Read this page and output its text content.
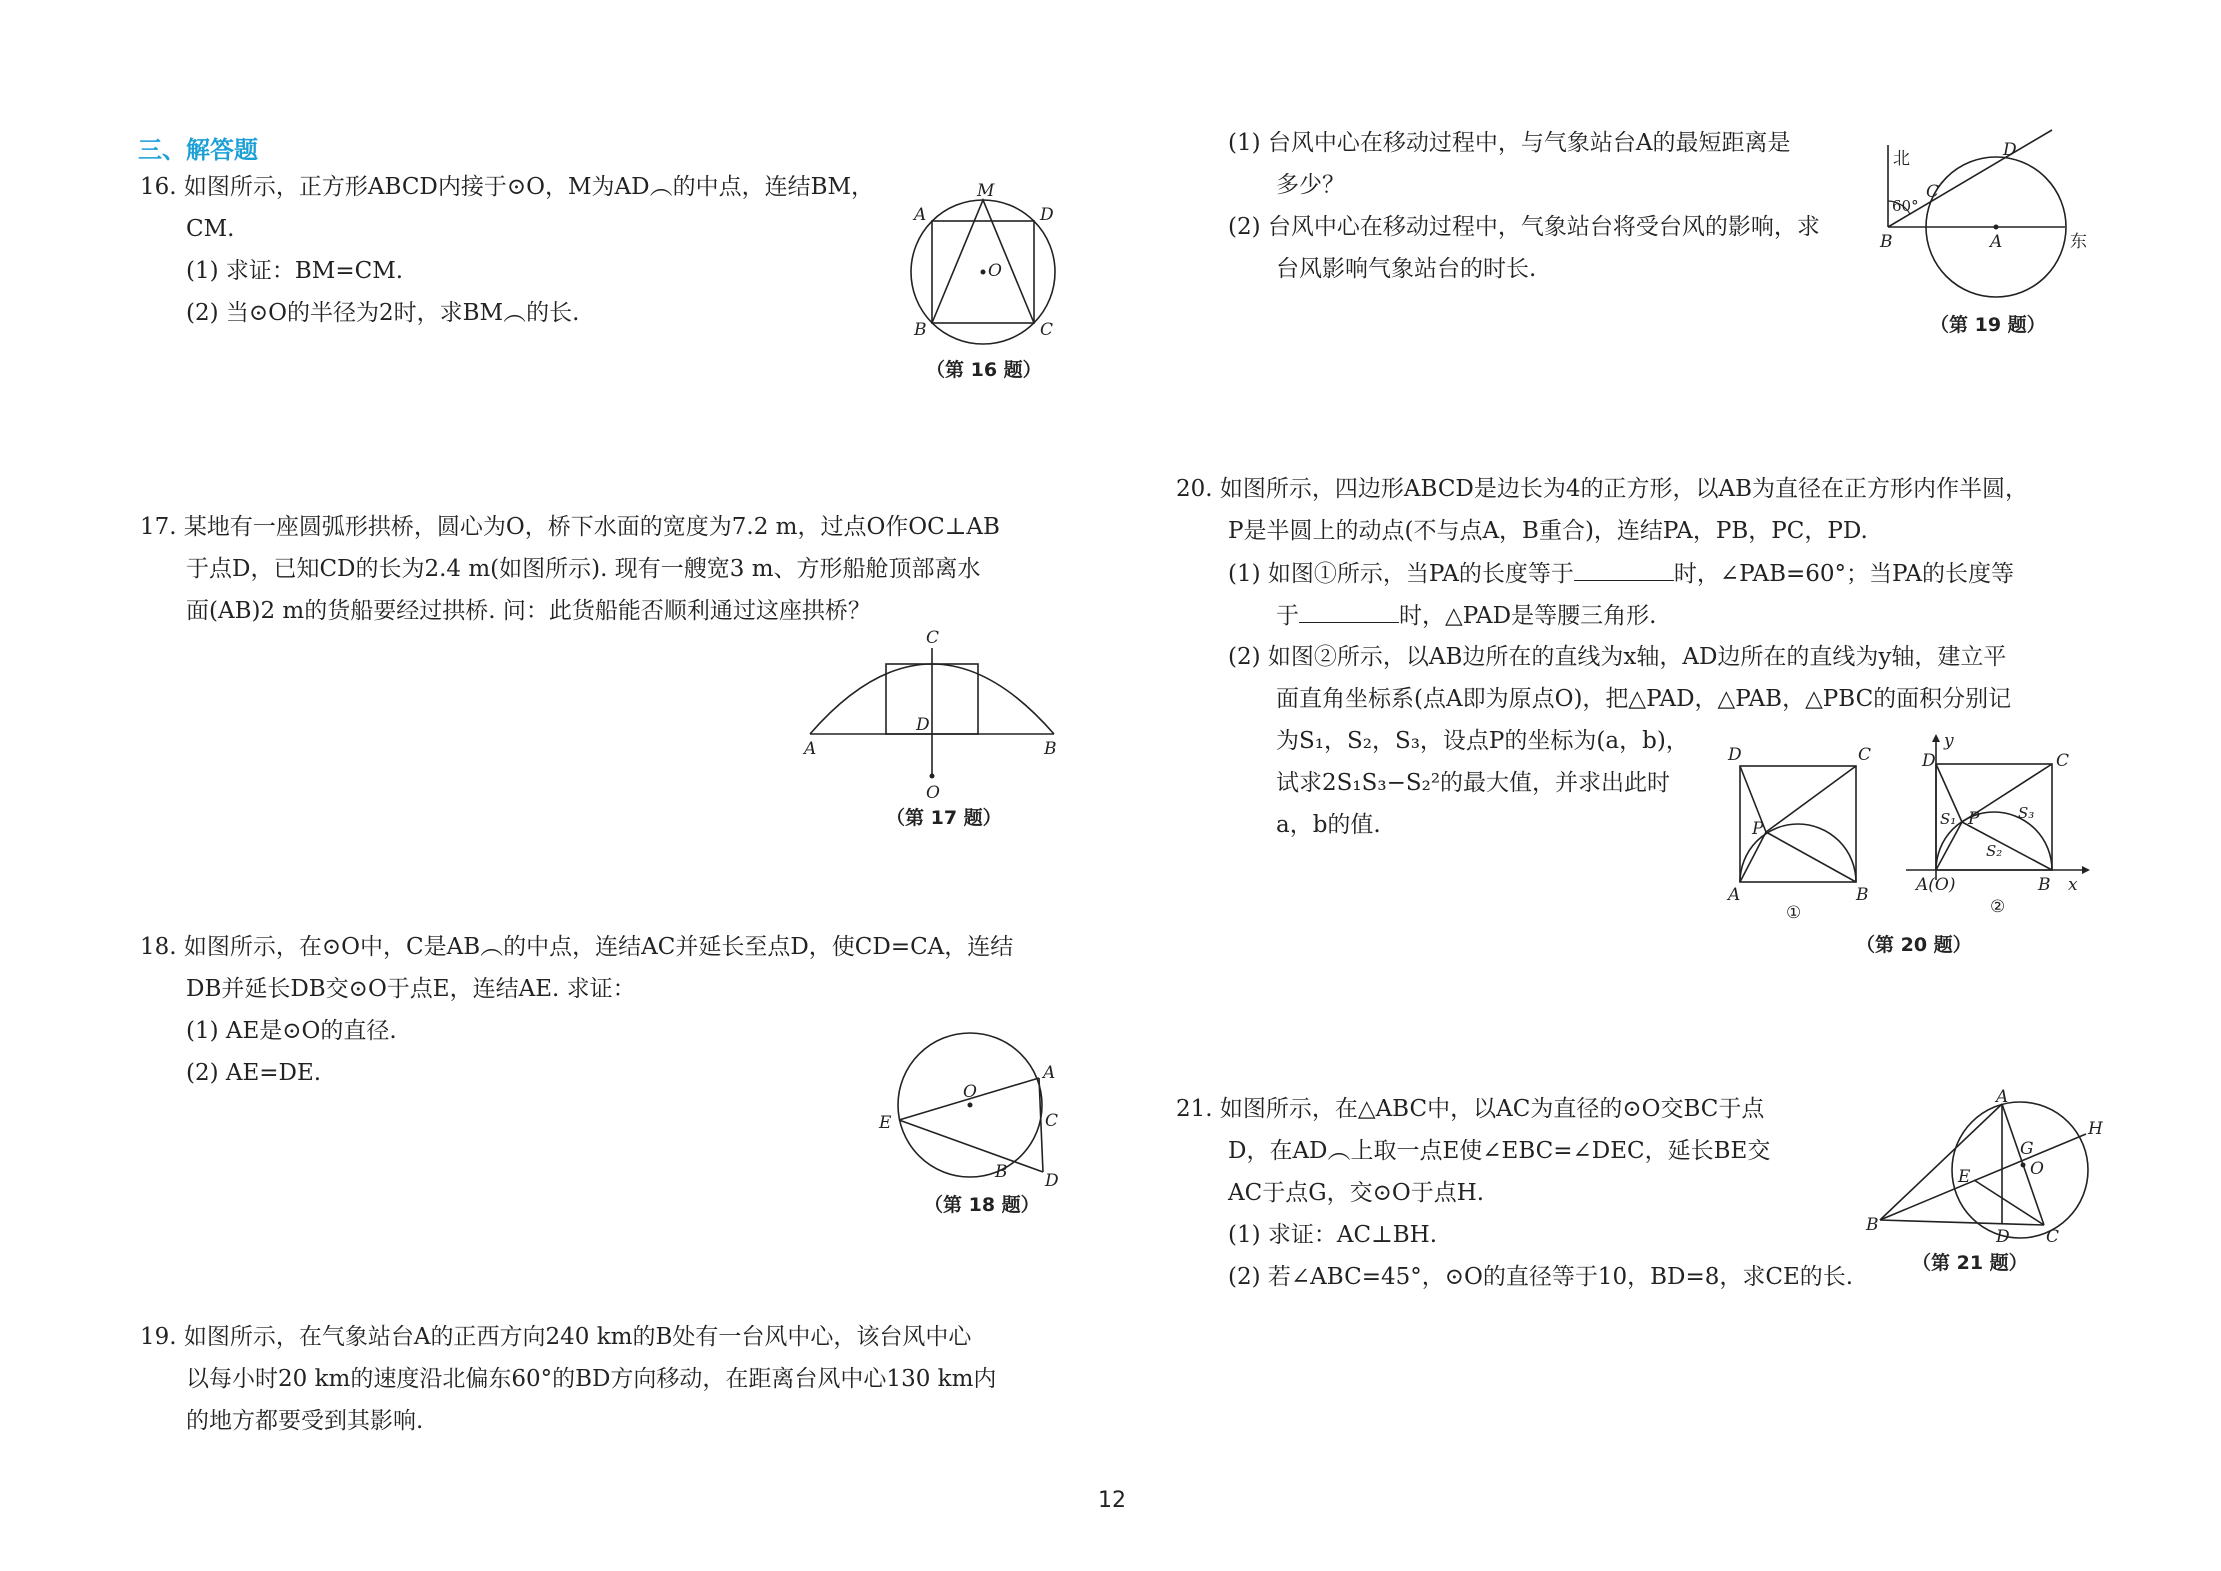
三、解答题
16. 如图所示，正方形ABCD内接于⊙O，M为AD︵的中点，连结BM，
CM.
(1) 求证：BM=CM.
(2) 当⊙O的半径为2时，求BM︵的长.
M
A	D
B	C
O
（第 16 题）
17. 某地有一座圆弧形拱桥，圆心为O，桥下水面的宽度为7.2 m，过点O作OC⊥AB
于点D，已知CD的长为2.4 m(如图所示). 现有一艘宽3 m、方形船舱顶部离水
面(AB)2 m的货船要经过拱桥. 问：此货船能否顺利通过这座拱桥？
C
D
A	B
O
（第 17 题）
18. 如图所示，在⊙O中，C是AB︵的中点，连结AC并延长至点D，使CD=CA，连结
DB并延长DB交⊙O于点E，连结AE. 求证：
(1) AE是⊙O的直径.
(2) AE=DE.
O
A
C
E
B D
（第 18 题）
19. 如图所示，在气象站台A的正西方向240 km的B处有一台风中心，该台风中心
以每小时20 km的速度沿北偏东60°的BD方向移动，在距离台风中心130 km内
的地方都要受到其影响.
(1) 台风中心在移动过程中，与气象站台A的最短距离是
多少？
(2) 台风中心在移动过程中，气象站台将受台风的影响，求
台风影响气象站台的时长.
北
60°
C
D
B	A	东
（第 19 题）
20. 如图所示，四边形ABCD是边长为4的正方形，以AB为直径在正方形内作半圆，
P是半圆上的动点(不与点A，B重合)，连结PA，PB，PC，PD.
(1) 如图①所示，当PA的长度等于	时，∠PAB=60°；当PA的长度等
于	时，△PAD是等腰三角形.
(2) 如图②所示，以AB边所在的直线为x轴，AD边所在的直线为y轴，建立平
面直角坐标系(点A即为原点O)，把△PAD，△PAB，△PBC的面积分别记
为S₁，S₂，S₃，设点P的坐标为(a，b)，
试求2S₁S₃−S₂²的最大值，并求出此时
a，b的值.
D	C
P
A	B
①
y
D	C
S₁ P	S₃
S₂
A(O)	B x
②
（第 20 题）
21. 如图所示，在△ABC中，以AC为直径的⊙O交BC于点
D，在AD︵上取一点E使∠EBC=∠DEC，延长BE交
AC于点G，交⊙O于点H.
(1) 求证：AC⊥BH.
(2) 若∠ABC=45°，⊙O的直径等于10，BD=8，求CE的长.
A
H
G
O
E
B
D C
（第 21 题）
12
